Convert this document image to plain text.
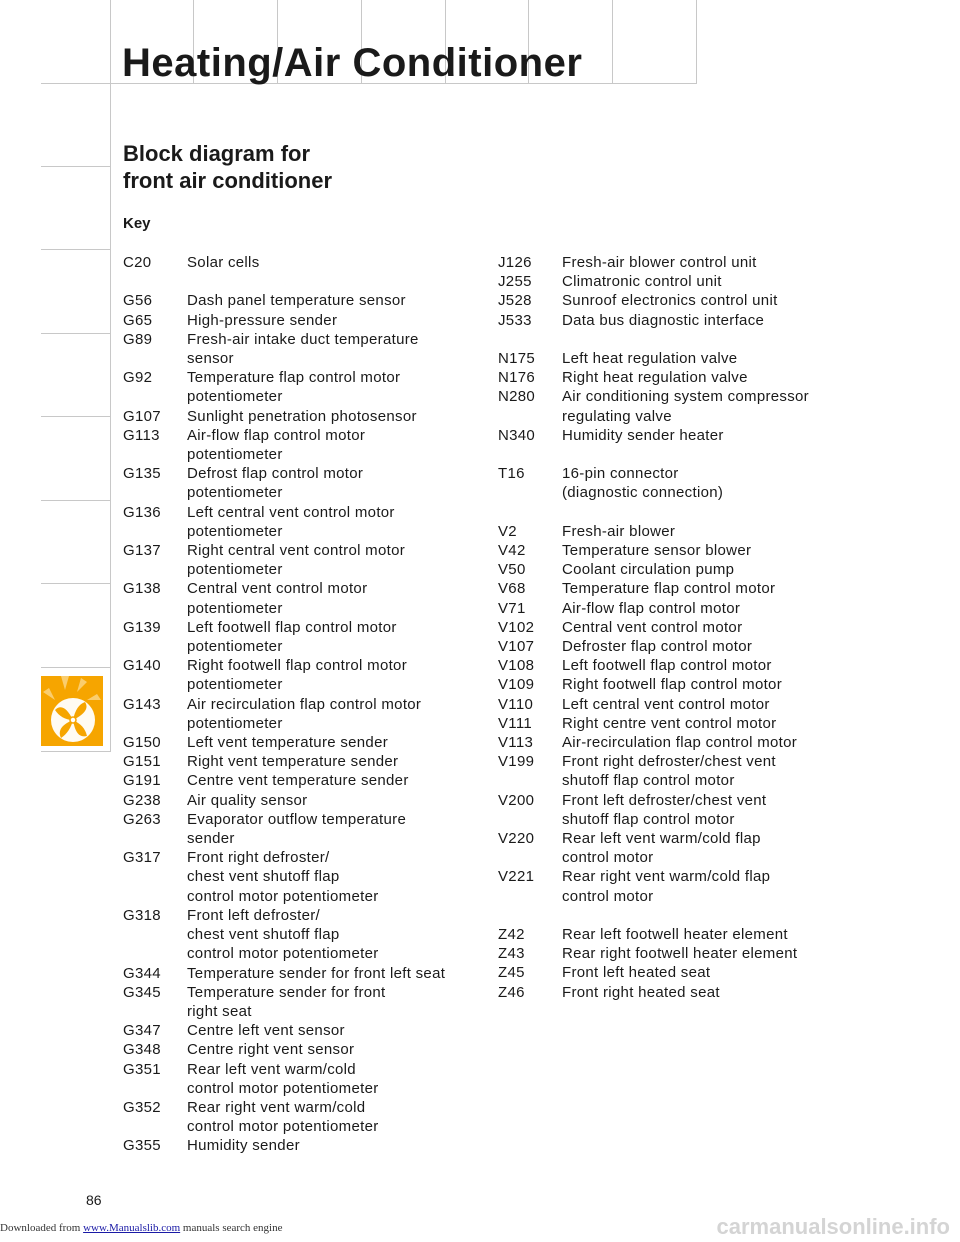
Heating/Air Conditioner
Block diagram for
front air conditioner
Key
C20	Solar cells
G56	Dash panel temperature sensor
G65	High-pressure sender
G89	Fresh-air intake duct temperature
sensor
G92	Temperature flap control motor
potentiometer
G107	Sunlight penetration photosensor
G113	Air-flow flap control motor
potentiometer
G135	Defrost flap control motor
potentiometer
G136	Left central vent control motor
potentiometer
G137	Right central vent control motor
potentiometer
G138	Central vent control motor
potentiometer
G139	Left footwell flap control motor
potentiometer
G140	Right footwell flap control motor
potentiometer
G143	Air recirculation flap control motor
potentiometer
G150	Left vent temperature sender
G151	Right vent temperature sender
G191	Centre vent temperature sender
G238	Air quality sensor
G263	Evaporator outflow temperature
sender
G317	Front right defroster/
chest vent shutoff flap
control motor potentiometer
G318	Front left defroster/
chest vent shutoff flap
control motor potentiometer
G344	Temperature sender for front left seat
G345	Temperature sender for front
right seat
G347	Centre left vent sensor
G348	Centre right vent sensor
G351	Rear left vent warm/cold
control motor potentiometer
G352	Rear right vent warm/cold
control motor potentiometer
G355	Humidity sender
J126	Fresh-air blower control unit
J255	Climatronic control unit
J528	Sunroof electronics control unit
J533	Data bus diagnostic interface
N175	Left heat regulation valve
N176	Right heat regulation valve
N280	Air conditioning system compressor
regulating valve
N340	Humidity sender heater
T16	16-pin connector
(diagnostic connection)
V2	Fresh-air blower
V42	Temperature sensor blower
V50	Coolant circulation pump
V68	Temperature flap control motor
V71	Air-flow flap control motor
V102	Central vent control motor
V107	Defroster flap control motor
V108	Left footwell flap control motor
V109	Right footwell flap control motor
V110	Left central vent control motor
V111	Right centre vent control motor
V113	Air-recirculation flap control motor
V199	Front right defroster/chest vent
shutoff flap control motor
V200	Front left defroster/chest vent
shutoff flap control motor
V220	Rear left vent warm/cold flap
control motor
V221	Rear right vent warm/cold flap
control motor
Z42	Rear left footwell heater element
Z43	Rear right footwell heater element
Z45	Front left heated seat
Z46	Front right heated seat
86
Downloaded from www.Manualslib.com manuals search engine	carmanualsonline.info
